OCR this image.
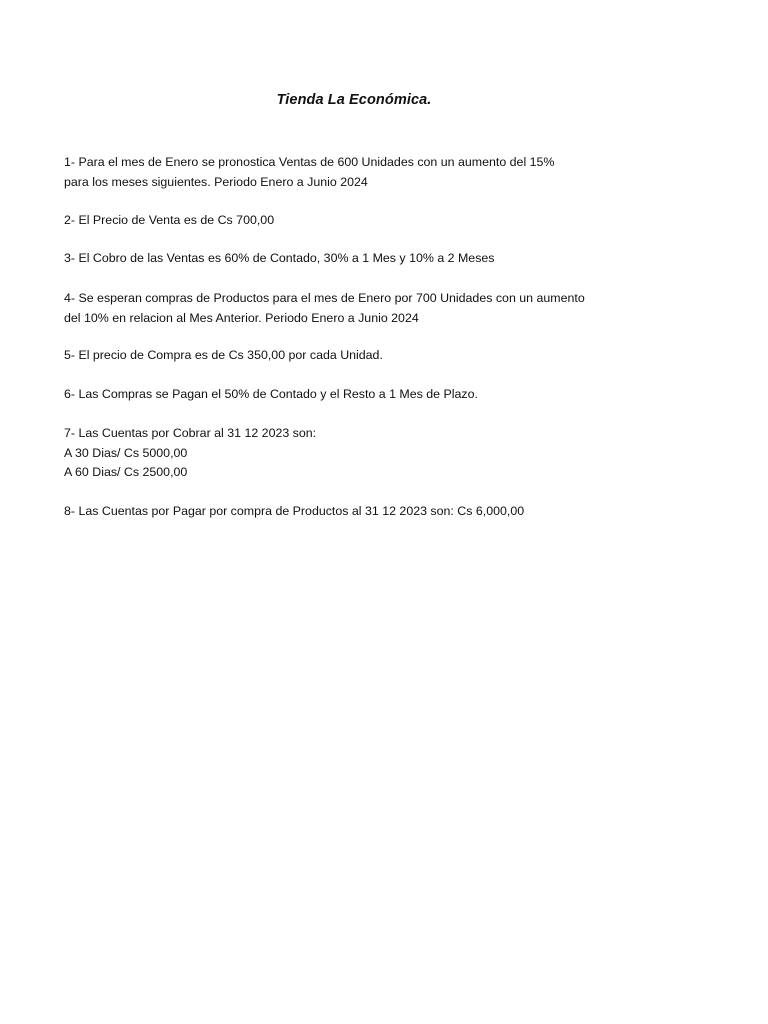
Tienda La Económica.
1- Para el mes de Enero se pronostica Ventas de 600 Unidades con un aumento del 15%
para los meses siguientes. Periodo Enero a Junio 2024
2- El Precio de Venta es de Cs 700,00
3- El Cobro de las Ventas es 60% de Contado, 30% a 1 Mes y 10% a 2 Meses
4- Se esperan compras de Productos para el mes de Enero por 700 Unidades con un aumento
del 10% en relacion al Mes Anterior. Periodo Enero a Junio 2024
5- El precio de Compra es de Cs 350,00 por cada Unidad.
6- Las Compras se Pagan el 50% de Contado y el Resto a 1 Mes de Plazo.
7- Las Cuentas por Cobrar al 31 12 2023 son:
A 30 Dias/ Cs 5000,00
A 60 Dias/ Cs 2500,00
8- Las Cuentas por Pagar por compra de Productos al 31 12 2023 son: Cs 6,000,00
